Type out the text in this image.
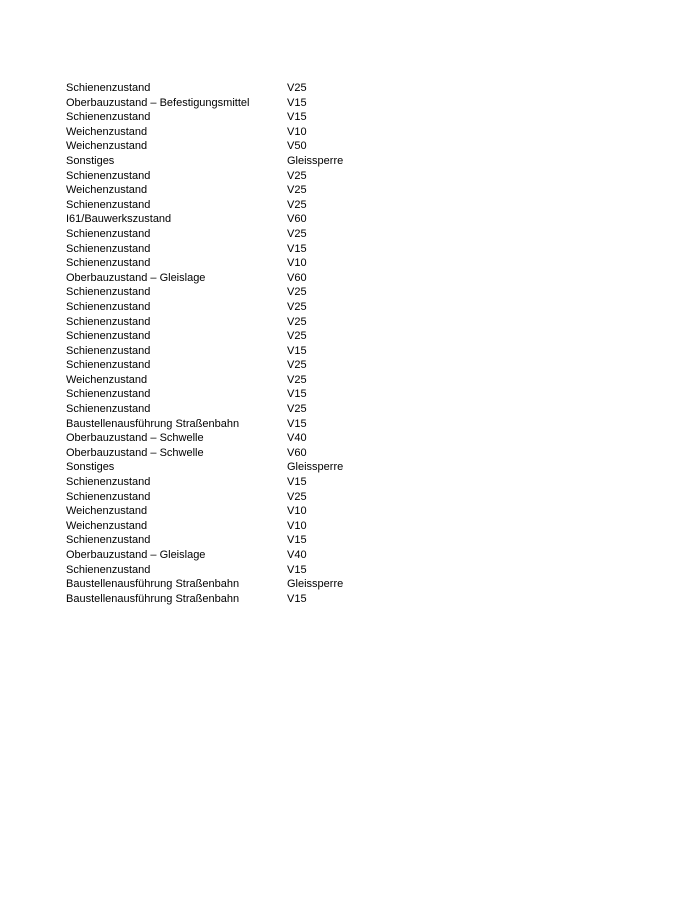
Schienenzustand	V25
Oberbauzustand – Befestigungsmittel	V15
Schienenzustand	V15
Weichenzustand	V10
Weichenzustand	V50
Sonstiges	Gleissperre
Schienenzustand	V25
Weichenzustand	V25
Schienenzustand	V25
I61/Bauwerkszustand	V60
Schienenzustand	V25
Schienenzustand	V15
Schienenzustand	V10
Oberbauzustand – Gleislage	V60
Schienenzustand	V25
Schienenzustand	V25
Schienenzustand	V25
Schienenzustand	V25
Schienenzustand	V15
Schienenzustand	V25
Weichenzustand	V25
Schienenzustand	V15
Schienenzustand	V25
Baustellenausführung Straßenbahn	V15
Oberbauzustand – Schwelle	V40
Oberbauzustand – Schwelle	V60
Sonstiges	Gleissperre
Schienenzustand	V15
Schienenzustand	V25
Weichenzustand	V10
Weichenzustand	V10
Schienenzustand	V15
Oberbauzustand – Gleislage	V40
Schienenzustand	V15
Baustellenausführung Straßenbahn	Gleissperre
Baustellenausführung Straßenbahn	V15
